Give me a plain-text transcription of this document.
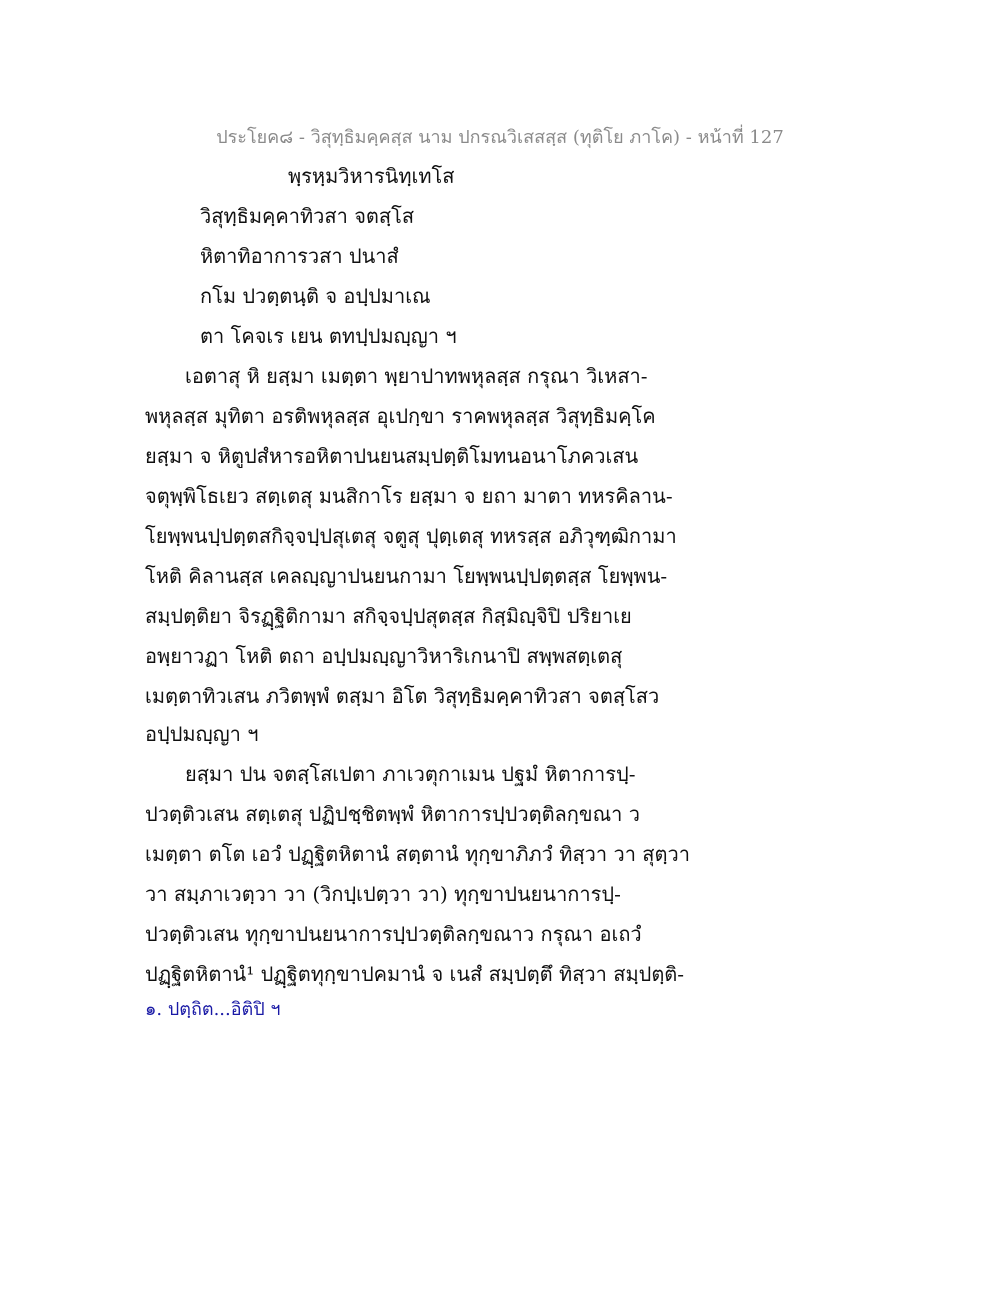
ประโยค๘ - วิสุทฺธิมคฺคสฺส นาม ปกรณวิเสสสฺส (ทุติโย ภาโค) - หน้าที่ 127
พฺรหฺมวิหารนิทฺเทโส
วิสุทฺธิมคฺคาทิวสา จตสฺโส
หิตาทิอาการวสา ปนาสํ
กโม ปวตฺตนฺติ จ อปฺปมาเณ
ตา โคจเร เยน ตทปฺปมญฺญา ฯ
เอตาสุ หิ ยสฺมา เมตฺตา พฺยาปาทพหุลสฺส กรุณา วิเหสา-
พหุลสฺส มุทิตา อรติพหุลสฺส อุเปกฺขา ราคพหุลสฺส วิสุทฺธิมคฺโค
ยสฺมา จ หิตูปสํหารอหิตาปนยนสมฺปตฺติโมทนอนาโภควเสน
จตุพฺพิโธเยว สตฺเตสุ มนสิกาโร ยสฺมา จ ยถา มาตา ทหรคิลาน-
โยพฺพนปฺปตฺตสกิจฺจปฺปสุเตสุ จตูสุ ปุตฺเตสุ ทหรสฺส อภิวุฑฺฒิกามา
โหติ คิลานสฺส เคลญฺญาปนยนกามา โยพฺพนปฺปตฺตสฺส โยพฺพน-
สมฺปตฺติยา จิรฏฺฐิติกามา สกิจฺจปฺปสุตสฺส กิสฺมิญฺจิปิ ปริยาเย
อพฺยาวฏา โหติ ตถา อปฺปมญฺญาวิหาริเกนาปิ สพฺพสตฺเตสุ
เมตฺตาทิวเสน ภวิตพฺพํ ตสฺมา อิโต วิสุทฺธิมคฺคาทิวสา จตสฺโสว
อปฺปมญฺญา ฯ
ยสฺมา ปน จตสฺโสเปตา ภาเวตุกาเมน ปฐมํ หิตาการปฺ-
ปวตฺติวเสน สตฺเตสุ ปฏิปชฺชิตพฺพํ หิตาการปฺปวตฺติลกฺขณา ว
เมตฺตา ตโต เอวํ ปฏฺฐิตหิตานํ สตฺตานํ ทุกฺขาภิภวํ ทิสฺวา วา สุตฺวา
วา สมฺภาเวตฺวา วา (วิกปฺเปตฺวา วา) ทุกฺขาปนยนาการปฺ-
ปวตฺติวเสน ทุกฺขาปนยนาการปฺปวตฺติลกฺขณาว กรุณา อเถวํ
ปฏฺฐิตหิตานํ¹ ปฏฺฐิตทุกฺขาปคมานํ จ เนสํ สมฺปตฺตึ ทิสฺวา สมฺปตฺติ-
๑. ปตฺถิต...อิติปิ ฯ
